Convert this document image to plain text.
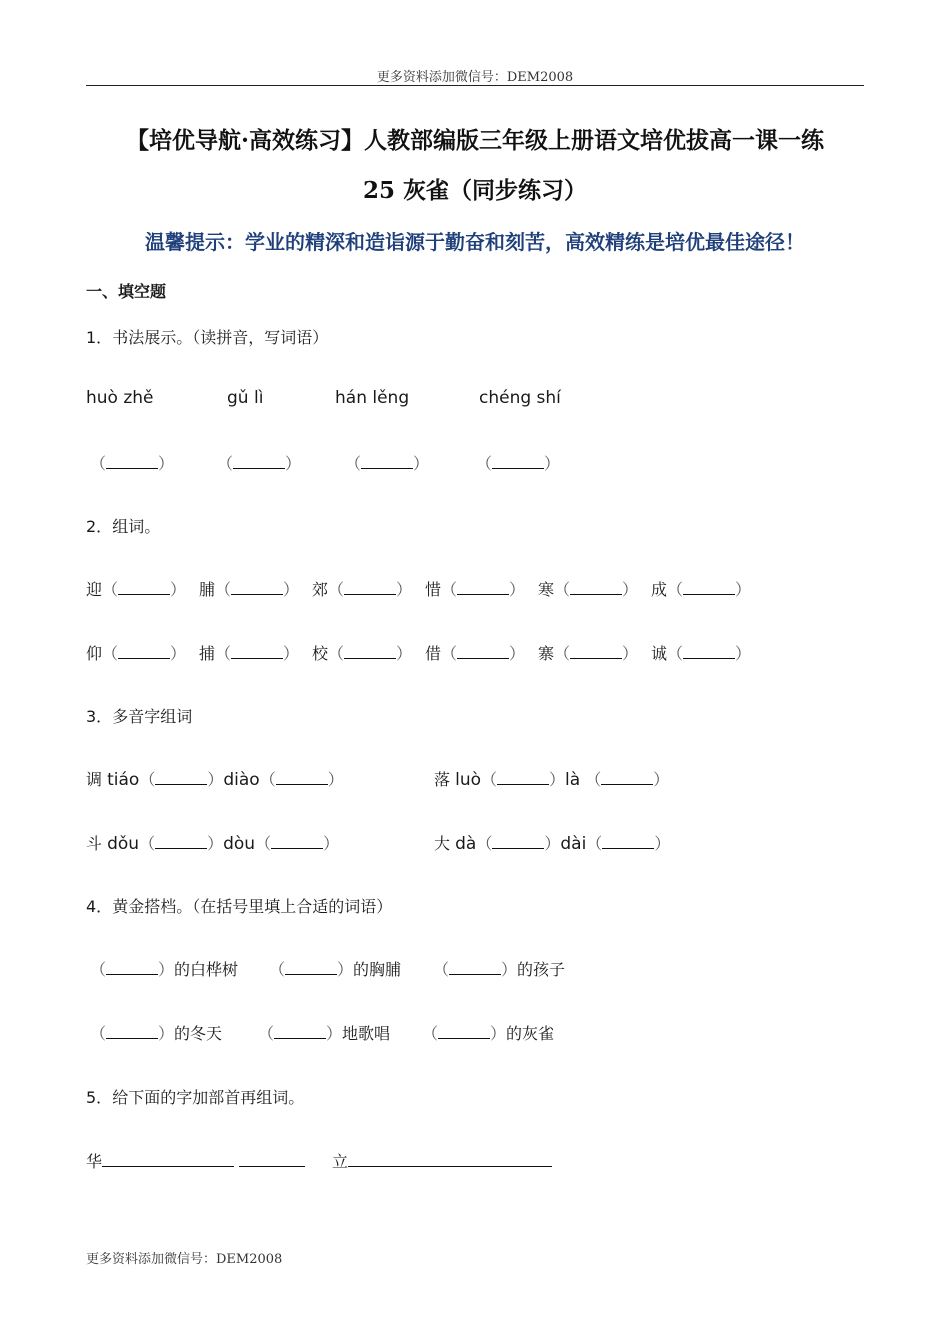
更多资料添加微信号：DEM2008
【培优导航·高效练习】人教部编版三年级上册语文培优拔高一课一练
25 灰雀（同步练习）
温馨提示：学业的精深和造诣源于勤奋和刻苦，高效精练是培优最佳途径！
一、填空题
1．书法展示。（读拼音，写词语）
huò zhě	gǔ lì	hán lěng	chéng shí
（	）	（	）	（	）	（	）
2．组词。
迎（	） 脯（	） 郊（	） 惜（	） 寒（	） 成（	）
仰（	） 捕（	） 校（	） 借（	） 寨（	） 诚（	）
3．多音字组词
调 tiáo（	）diào（	）	落 luò（	）là （	）
斗 dǒu（	）dòu（	）	大 dà（	）dài（	）
4．黄金搭档。（在括号里填上合适的词语）
（	）的白桦树 （	）的胸脯 （	）的孩子
（	）的冬天 （	）地歌唱 （	）的灰雀
5．给下面的字加部首再组词。
华	立
更多资料添加微信号：DEM2008
